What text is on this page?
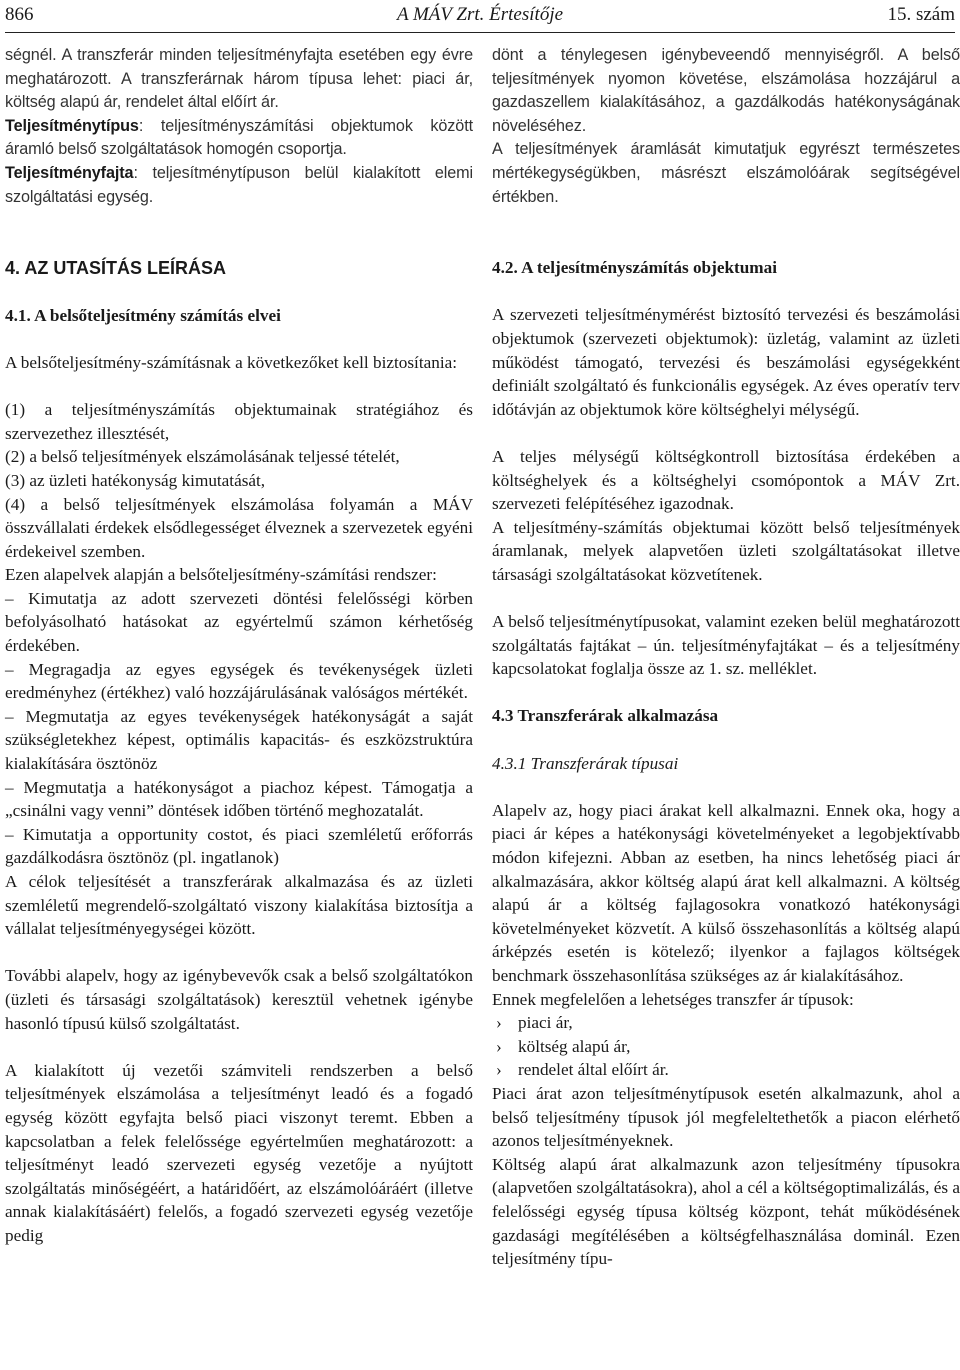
866	A MÁV Zrt. Értesítője	15. szám

ségnél. A transzferár minden teljesítményfajta esetében egy évre meghatározott. A transzferárnak három típusa lehet: piaci ár, költség alapú ár, rendelet által előírt ár.

Teljesítménytípus: teljesítményszámítási objektumok között áramló belső szolgáltatások homogén csoportja.

Teljesítményfajta: teljesítménytípuson belül kialakított elemi szolgáltatási egység.

4. AZ UTASÍTÁS LEÍRÁSA
4.1. A belsőteljesítmény számítás elvei

A belsőteljesítmény-számításnak a következőket kell biztosítania:

(1) a teljesítményszámítás objektumainak stratégiához és szervezethez illesztését,

(2) a belső teljesítmények elszámolásának teljessé tételét,

(3) az üzleti hatékonyság kimutatását,

(4) a belső teljesítmények elszámolása folyamán a MÁV összvállalati érdekek elsődlegességet élveznek a szervezetek egyéni érdekeivel szemben.

Ezen alapelvek alapján a belsőteljesítmény-számítási rendszer:

– Kimutatja az adott szervezeti döntési felelősségi körben befolyásolható hatásokat az egyértelmű számon kérhetőség érdekében.

– Megragadja az egyes egységek és tevékenységek üzleti eredményhez (értékhez) való hozzájárulásának valóságos mértékét.

– Megmutatja az egyes tevékenységek hatékonyságát a saját szükségletekhez képest, optimális kapacitás- és eszközstruktúra kialakítására ösztönöz

– Megmutatja a hatékonyságot a piachoz képest. Támogatja a „csinálni vagy venni” döntések időben történő meghozatalát.

– Kimutatja a opportunity costot, és piaci szemléletű erőforrás gazdálkodásra ösztönöz (pl. ingatlanok)

A célok teljesítését a transzferárak alkalmazása és az üzleti szemléletű megrendelő-szolgáltató viszony kialakítása biztosítja a vállalat teljesítményegységei között.

További alapelv, hogy az igénybevevők csak a belső szolgáltatókon (üzleti és társasági szolgáltatások) keresztül vehetnek igénybe hasonló típusú külső szolgáltatást.

A kialakított új vezetői számviteli rendszerben a belső teljesítmények elszámolása a teljesítményt leadó és a fogadó egység között egyfajta belső piaci viszonyt teremt. Ebben a kapcsolatban a felek felelőssége egyértelműen meghatározott: a teljesítményt leadó szervezeti egység vezetője a nyújtott szolgáltatás minőségéért, a határidőért, az elszámolóáráért (illetve annak kialakításáért) felelős, a fogadó szervezeti egység vezetője pedig

dönt a ténylegesen igénybeveendő mennyiségről. A belső teljesítmények nyomon követése, elszámolása hozzájárul a gazdaszellem kialakításához, a gazdálkodás hatékonyságának növeléséhez.

A teljesítmények áramlását kimutatjuk egyrészt természetes mértékegységükben, másrészt elszámolóárak segítségével értékben.

4.2. A teljesítményszámítás objektumai

A szervezeti teljesítménymérést biztosító tervezési és beszámolási objektumok (szervezeti objektumok): üzletág, valamint az üzleti működést támogató, tervezési és beszámolási egységekként definiált szolgáltató és funkcionális egységek. Az éves operatív terv időtávján az objektumok köre költséghelyi mélységű.

A teljes mélységű költségkontroll biztosítása érdekében a költséghelyek és a költséghelyi csomópontok a MÁV Zrt. szervezeti felépítéséhez igazodnak.

A teljesítmény-számítás objektumai között belső teljesítmények áramlanak, melyek alapvetően üzleti szolgáltatásokat illetve társasági szolgáltatásokat közvetítenek.

A belső teljesítménytípusokat, valamint ezeken belül meghatározott szolgáltatás fajtákat – ún. teljesítményfajtákat – és a teljesítmény kapcsolatokat foglalja össze az 1. sz. melléklet.

4.3 Transzferárak alkalmazása
4.3.1 Transzferárak típusai

Alapelv az, hogy piaci árakat kell alkalmazni. Ennek oka, hogy a piaci ár képes a hatékonysági követelményeket a legobjektívabb módon kifejezni. Abban az esetben, ha nincs lehetőség piaci ár alkalmazására, akkor költség alapú árat kell alkalmazni. A költség alapú ár a költség fajlagosokra vonatkozó hatékonysági követelményeket közvetít. A külső összehasonlítás a költség alapú árképzés esetén is kötelező; ilyenkor a fajlagos költségek benchmark összehasonlítása szükséges az ár kialakításához.

Ennek megfelelően a lehetséges transzfer ár típusok:

› piaci ár,

› költség alapú ár,

› rendelet által előírt ár.

Piaci árat azon teljesítménytípusok esetén alkalmazunk, ahol a belső teljesítmény típusok jól megfeleltethetők a piacon elérhető azonos teljesítményeknek.

Költség alapú árat alkalmazunk azon teljesítmény típusokra (alapvetően szolgáltatásokra), ahol a cél a költségoptimalizálás, és a felelősségi egység típusa költség központ, tehát működésének gazdasági megítélésében a költségfelhasználása dominál. Ezen teljesítmény típu-
